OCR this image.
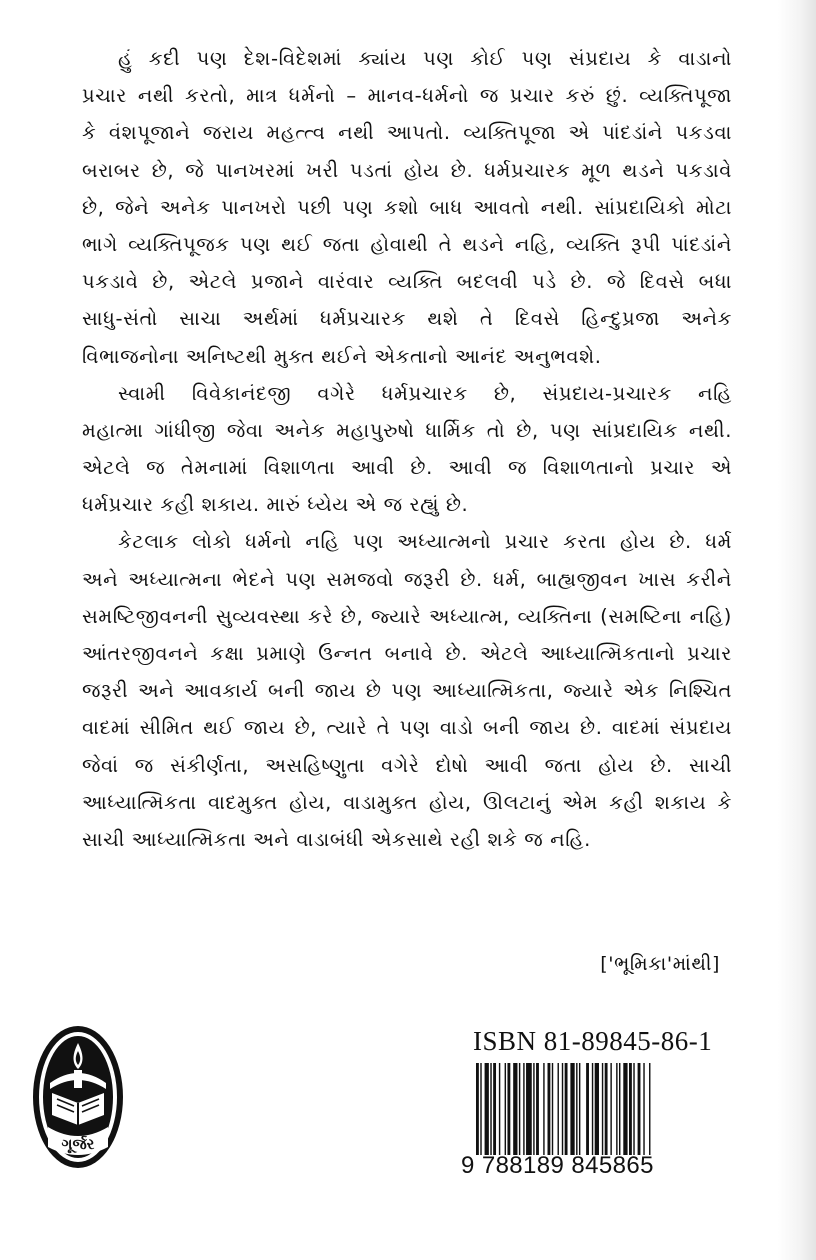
હું કદી પણ દેશ-વિદેશમાં ક્યાંય પણ કોઈ પણ સંપ્રદાય કે વાડાનો
પ્રચાર નથી કરતો, માત્ર ધર્મનો – માનવ-ધર્મનો જ પ્રચાર કરું છું. વ્યક્તિપૂજા
કે વંશપૂજાને જરાય મહત્ત્વ નથી આપતો. વ્યક્તિપૂજા એ પાંદડાંને પકડવા
બરાબર છે, જે પાનખરમાં ખરી પડતાં હોય છે. ધર્મપ્રચારક મૂળ થડને પકડાવે
છે, જેને અનેક પાનખરો પછી પણ કશો બાધ આવતો નથી. સાંપ્રદાયિકો મોટા
ભાગે વ્યક્તિપૂજક પણ થઈ જતા હોવાથી તે થડને નહિ, વ્યક્તિ રૂપી પાંદડાંને
પકડાવે છે, એટલે પ્રજાને વારંવાર વ્યક્તિ બદલવી પડે છે. જે દિવસે બધા
સાધુ-સંતો સાચા અર્થમાં ધર્મપ્રચારક થશે તે દિવસે હિન્દુપ્રજા અનેક
વિભાજનોના અનિષ્ટથી મુક્ત થઈને એકતાનો આનંદ અનુભવશે.
સ્વામી વિવેકાનંદજી વગેરે ધર્મપ્રચારક છે, સંપ્રદાય-પ્રચારક નહિ
મહાત્મા ગાંધીજી જેવા અનેક મહાપુરુષો ધાર્મિક તો છે, પણ સાંપ્રદાયિક નથી.
એટલે જ તેમનામાં વિશાળતા આવી છે. આવી જ વિશાળતાનો પ્રચાર એ
ધર્મપ્રચાર કહી શકાય. મારું ધ્યેય એ જ રહ્યું છે.
કેટલાક લોકો ધર્મનો નહિ પણ અધ્યાત્મનો પ્રચાર કરતા હોય છે. ધર્મ
અને અધ્યાત્મના ભેદને પણ સમજવો જરૂરી છે. ધર્મ, બાહ્યજીવન ખાસ કરીને
સમષ્ટિજીવનની સુવ્યવસ્થા કરે છે, જ્યારે અધ્યાત્મ, વ્યક્તિના (સમષ્ટિના નહિ)
આંતરજીવનને કક્ષા પ્રમાણે ઉન્નત બનાવે છે. એટલે આધ્યાત્મિકતાનો પ્રચાર
જરૂરી અને આવકાર્ય બની જાય છે પણ આધ્યાત્મિકતા, જ્યારે એક નિશ્ચિત
વાદમાં સીમિત થઈ જાય છે, ત્યારે તે પણ વાડો બની જાય છે. વાદમાં સંપ્રદાય
જેવાં જ સંકીર્ણતા, અસહિષ્ણુતા વગેરે દોષો આવી જતા હોય છે. સાચી
આધ્યાત્મિકતા વાદમુક્ત હોય, વાડામુક્ત હોય, ઊલટાનું એમ કહી શકાય કે
સાચી આધ્યાત્મિકતા અને વાડાબંધી એકસાથે રહી શકે જ નહિ.
['ભૂમિકા'માંથી]
ગૂર્જર
ISBN 81-89845-86-1
9 788189 845865
